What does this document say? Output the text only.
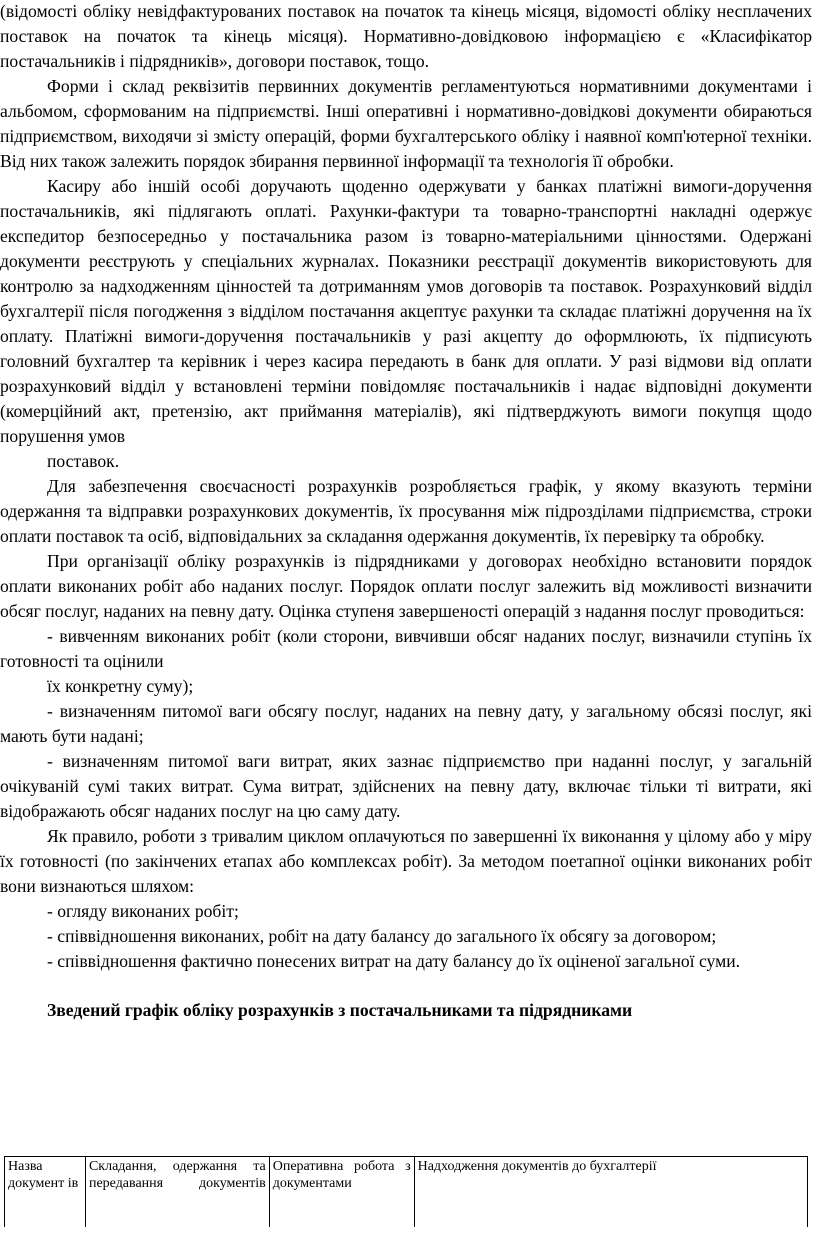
(відомості обліку невідфактурованих поставок на початок та кінець місяця, відомості обліку несплачених поставок на початок та кінець місяця). Нормативно-довідковою інформацією є «Класифікатор постачальників і підрядників», договори поставок, тощо.

Форми і склад реквізитів первинних документів регламентуються нормативними документами і альбомом, сформованим на підприємстві. Інші оперативні і нормативно-довідкові документи обираються підприємством, виходячи зі змісту операцій, форми бухгалтерського обліку і наявної комп'ютерної техніки. Від них також залежить порядок збирання первинної інформації та технологія її обробки.

Касиру або іншій особі доручають щоденно одержувати у банках платіжні вимоги-доручення постачальників, які підлягають оплаті. Рахунки-фактури та товарно-транспортні накладні одержує експедитор безпосередньо у постачальника разом із товарно-матеріальними цінностями. Одержані документи реєструють у спеціальних журналах. Показники реєстрації документів використовують для контролю за надходженням цінностей та дотриманням умов договорів та поставок. Розрахунковий відділ бухгалтерії після погодження з відділом постачання акцептує рахунки та складає платіжні доручення на їх оплату. Платіжні вимоги-доручення постачальників у разі акцепту до оформлюють, їх підписують головний бухгалтер та керівник і через касира передають в банк для оплати. У разі відмови від оплати розрахунковий відділ у встановлені терміни повідомляє постачальників і надає відповідні документи (комерційний акт, претензію, акт приймання матеріалів), які підтверджують вимоги покупця щодо порушення умов

поставок.

Для забезпечення своєчасності розрахунків розробляється графік, у якому вказують терміни одержання та відправки розрахункових документів, їх просування між підрозділами підприємства, строки оплати поставок та осіб, відповідальних за складання одержання документів, їх перевірку та обробку.

При організації обліку розрахунків із підрядниками у договорах необхідно встановити порядок оплати виконаних робіт або наданих послуг. Порядок оплати послуг залежить від можливості визначити обсяг послуг, наданих на певну дату. Оцінка ступеня завершеності операцій з надання послуг проводиться:

- вивченням виконаних робіт (коли сторони, вивчивши обсяг наданих послуг, визначили ступінь їх готовності та оцінили

їх конкретну суму);

- визначенням питомої ваги обсягу послуг, наданих на певну дату, у загальному обсязі послуг, які мають бути надані;

- визначенням питомої ваги витрат, яких зазнає підприємство при наданні послуг, у загальній очікуваній сумі таких витрат. Сума витрат, здійснених на певну дату, включає тільки ті витрати, які відображають обсяг наданих послуг на цю саму дату.

Як правило, роботи з тривалим циклом оплачуються по завершенні їх виконання у цілому або у міру їх готовності (по закінчених етапах або комплексах робіт). За методом поетапної оцінки виконаних робіт вони визнаються шляхом:

- огляду виконаних робіт;

- співвідношення виконаних, робіт на дату балансу до загального їх обсягу за договором;

- співвідношення фактично понесених витрат на дату балансу до їх оціненої загальної суми.

Зведений графік обліку розрахунків з постачальниками та підрядниками

Назва документ ів	Складання, одержання та передавання документів	Оперативна робота з документами	Надходження документів до бухгалтерії
